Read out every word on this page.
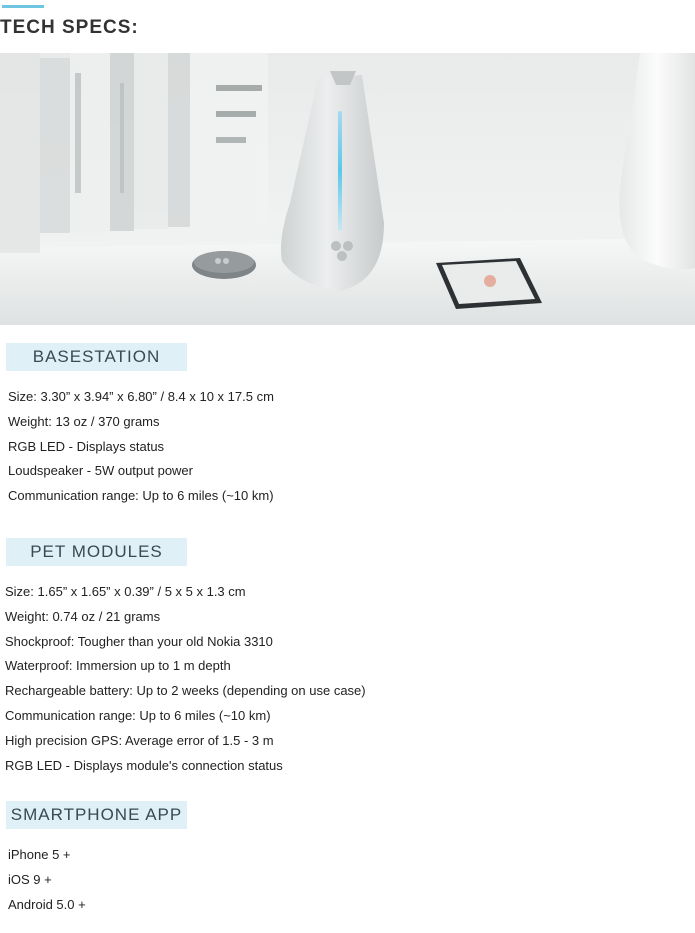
TECH SPECS:
BASESTATION
Size: 3.30” x 3.94” x 6.80” / 8.4 x 10 x 17.5 cm
Weight: 13 oz / 370 grams
RGB LED - Displays status
Loudspeaker - 5W output power
Communication range: Up to 6 miles (~10 km)
PET MODULES
Size: 1.65” x 1.65” x 0.39” / 5 x 5 x 1.3 cm
Weight: 0.74 oz / 21 grams
Shockproof: Tougher than your old Nokia 3310
Waterproof: Immersion up to 1 m depth
Rechargeable battery: Up to 2 weeks (depending on use case)
Communication range: Up to 6 miles (~10 km)
High precision GPS: Average error of 1.5 - 3 m
RGB LED - Displays module's connection status
SMARTPHONE APP
iPhone 5 +
iOS 9 +
Android 5.0 +
